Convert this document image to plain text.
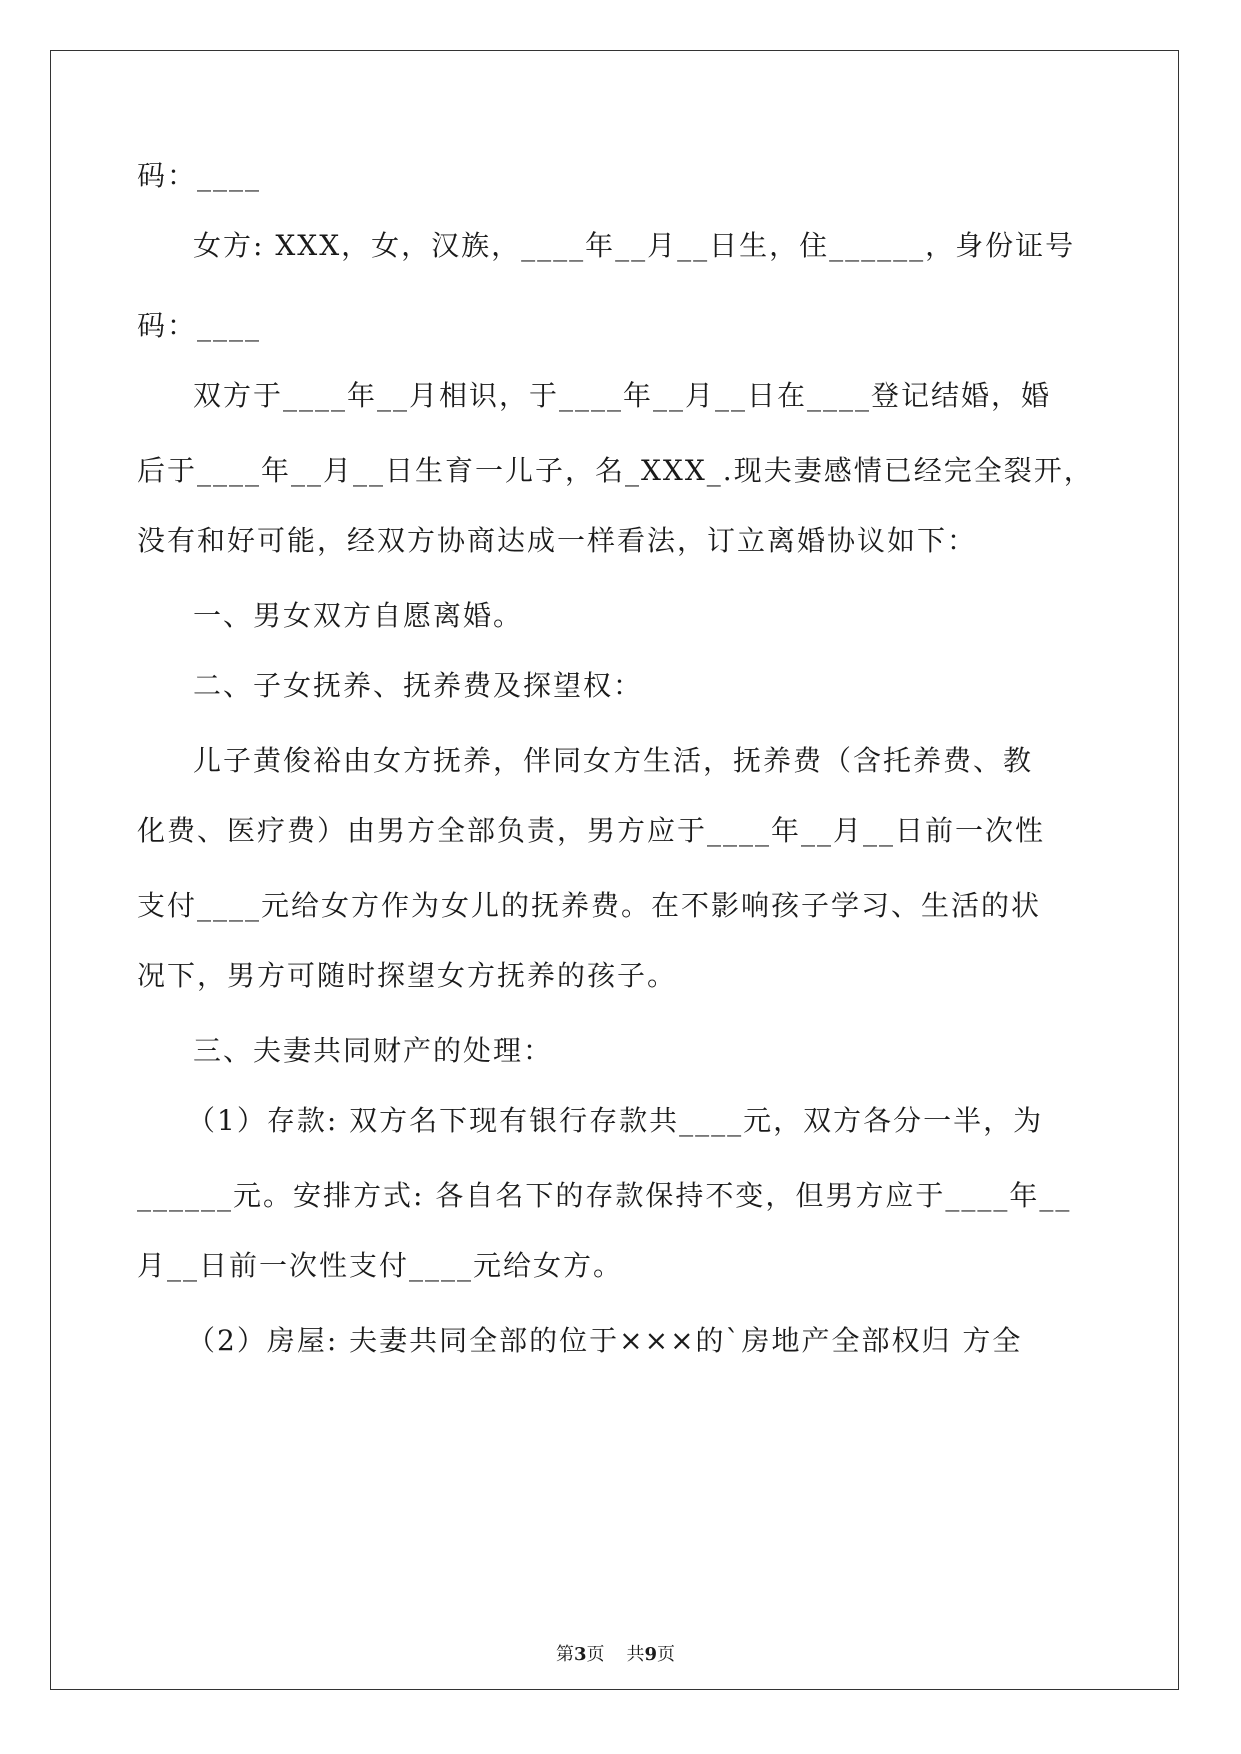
码：____
女方: XXX，女，汉族，____年__月__日生，住______，身份证号
码：____
双方于____年__月相识，于____年__月__日在____登记结婚，婚
后于____年__月__日生育一儿子，名_XXX_.现夫妻感情已经完全裂开，
没有和好可能，经双方协商达成一样看法，订立离婚协议如下：
一、男女双方自愿离婚。
二、子女抚养、抚养费及探望权：
儿子黄俊裕由女方抚养，伴同女方生活，抚养费（含托养费、教
化费、医疗费）由男方全部负责，男方应于____年__月__日前一次性
支付____元给女方作为女儿的抚养费。在不影响孩子学习、生活的状
况下，男方可随时探望女方抚养的孩子。
三、夫妻共同财产的处理：
（1）存款: 双方名下现有银行存款共____元，双方各分一半，为
______元。安排方式: 各自名下的存款保持不变，但男方应于____年__
月__日前一次性支付____元给女方。
（2）房屋: 夫妻共同全部的位于×××的`房地产全部权归 方全
第3页 共9页
